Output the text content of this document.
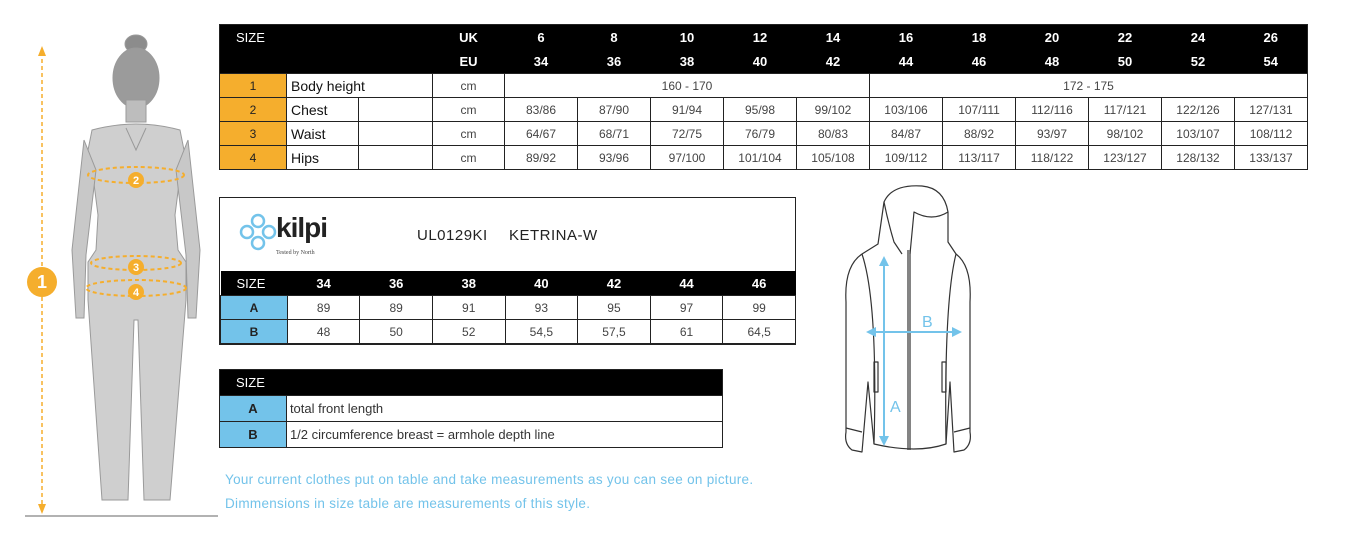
1
2
3
4
SIZE			UK	6	8	10	12	14	16	18	20	22	24	26
			EU	34	36	38	40	42	44	46	48	50	52	54
1	Body height		cm	160 - 170					172 - 175					
2	Chest		cm	83/86	87/90	91/94	95/98	99/102	103/106	107/111	112/116	117/121	122/126	127/131
3	Waist		cm	64/67	68/71	72/75	76/79	80/83	84/87	88/92	93/97	98/102	103/107	108/112
4	Hips		cm	89/92	93/96	97/100	101/104	105/108	109/112	113/117	118/122	123/127	128/132	133/137
kilpi
Tested by North
UL0129KI KETRINA-W
SIZE	34	36	38	40	42	44	46
A	89	89	91	93	95	97	99
B	48	50	52	54,5	57,5	61	64,5
SIZE	
A	total front length
B	1/2 circumference breast = armhole depth line
Your current clothes put on table and take measurements as you can see on picture.
Dimmensions in size table are measurements of this style.
A
B
